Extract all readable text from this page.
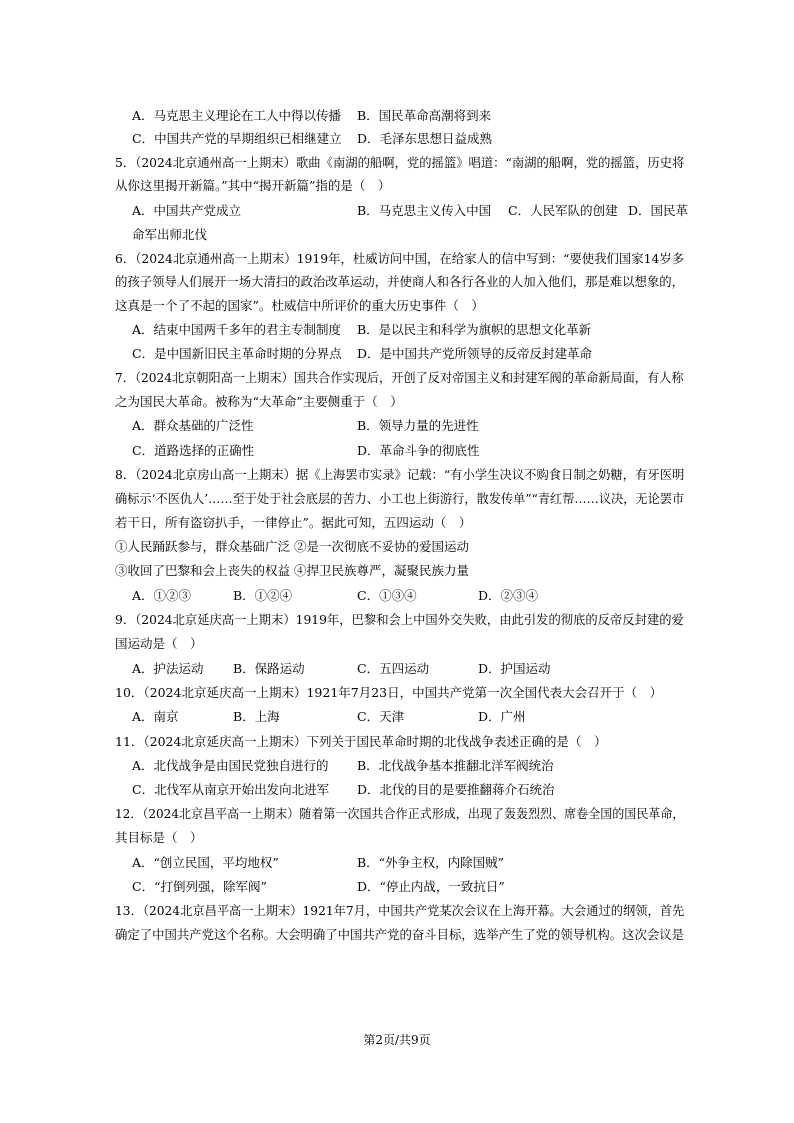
A．马克思主义理论在工人中得以传播 B．国民革命高潮将到来
C．中国共产党的早期组织已相继建立 D．毛泽东思想日益成熟
5．（2024北京通州高一上期末）歌曲《南湖的船啊，党的摇篮》唱道：“南湖的船啊，党的摇篮，历史将
从你这里揭开新篇。”其中“揭开新篇”指的是（　）
A．中国共产党成立	B．马克思主义传入中国 C．人民军队的创建 D．国民革
命军出师北伐
6．（2024北京通州高一上期末）1919年，杜威访问中国，在给家人的信中写到：“要使我们国家14岁多
的孩子领导人们展开一场大清扫的政治改革运动，并使商人和各行各业的人加入他们，那是难以想象的，
这真是一个了不起的国家”。杜威信中所评价的重大历史事件（　）
A．结束中国两千多年的君主专制制度 B．是以民主和科学为旗帜的思想文化革新
C．是中国新旧民主革命时期的分界点 D．是中国共产党所领导的反帝反封建革命
7．（2024北京朝阳高一上期末）国共合作实现后，开创了反对帝国主义和封建军阀的革命新局面，有人称
之为国民大革命。被称为“大革命”主要侧重于（　）
A．群众基础的广泛性	B．领导力量的先进性
C．道路选择的正确性	D．革命斗争的彻底性
8．（2024北京房山高一上期末）据《上海罢市实录》记载：“有小学生决议不购食日制之奶糖，有牙医明
确标示‘不医仇人’……至于处于社会底层的苦力、小工也上街游行，散发传单”“青红帮……议决，无论罢市
若干日，所有盗窃扒手，一律停止”。据此可知，五四运动（　）
①人民踊跃参与，群众基础广泛 ②是一次彻底不妥协的爱国运动
③收回了巴黎和会上丧失的权益 ④捍卫民族尊严，凝聚民族力量
A．①②③	B．①②④	C．①③④	D．②③④
9．（2024北京延庆高一上期末）1919年，巴黎和会上中国外交失败，由此引发的彻底的反帝反封建的爱
国运动是（　）
A．护法运动 B．保路运动	C．五四运动	D．护国运动
10．（2024北京延庆高一上期末）1921年7月23日，中国共产党第一次全国代表大会召开于（　）
A．南京	B．上海	C．天津	D．广州
11．（2024北京延庆高一上期末）下列关于国民革命时期的北伐战争表述正确的是（　）
A．北伐战争是由国民党独自进行的 B．北伐战争基本推翻北洋军阀统治
C．北伐军从南京开始出发向北进军 D．北伐的目的是要推翻蒋介石统治
12．（2024北京昌平高一上期末）随着第一次国共合作正式形成，出现了轰轰烈烈、席卷全国的国民革命，
其目标是（　）
A．“创立民国，平均地权”	B．“外争主权，内除国贼”
C．“打倒列强，除军阀”	D．“停止内战，一致抗日”
13．（2024北京昌平高一上期末）1921年7月，中国共产党某次会议在上海开幕。大会通过的纲领，首先
确定了中国共产党这个名称。大会明确了中国共产党的奋斗目标，选举产生了党的领导机构。这次会议是
第2页/共9页
